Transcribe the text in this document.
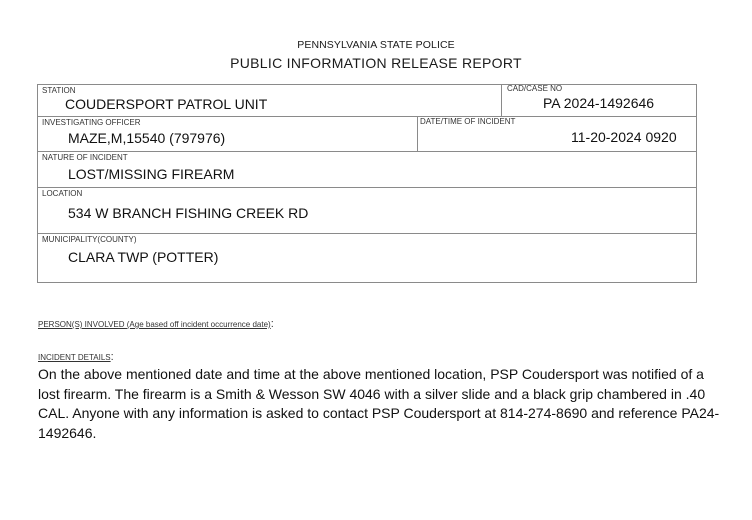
PENNSYLVANIA STATE POLICE
PUBLIC INFORMATION RELEASE REPORT
STATION
COUDERSPORT PATROL UNIT
CAD/CASE NO
PA 2024-1492646
INVESTIGATING OFFICER
MAZE,M,15540 (797976)
DATE/TIME OF INCIDENT
11-20-2024 0920
NATURE OF INCIDENT
LOST/MISSING FIREARM
LOCATION
534 W BRANCH FISHING CREEK RD
MUNICIPALITY(COUNTY)
CLARA TWP (POTTER)
PERSON(S) INVOLVED (Age based off incident occurrence date):
INCIDENT DETAILS:
On the above mentioned date and time at the above mentioned location, PSP Coudersport was notified of a lost firearm. The firearm is a Smith & Wesson SW 4046 with a silver slide and a black grip chambered in .40 CAL. Anyone with any information is asked to contact PSP Coudersport at 814-274-8690 and reference PA24-1492646.
